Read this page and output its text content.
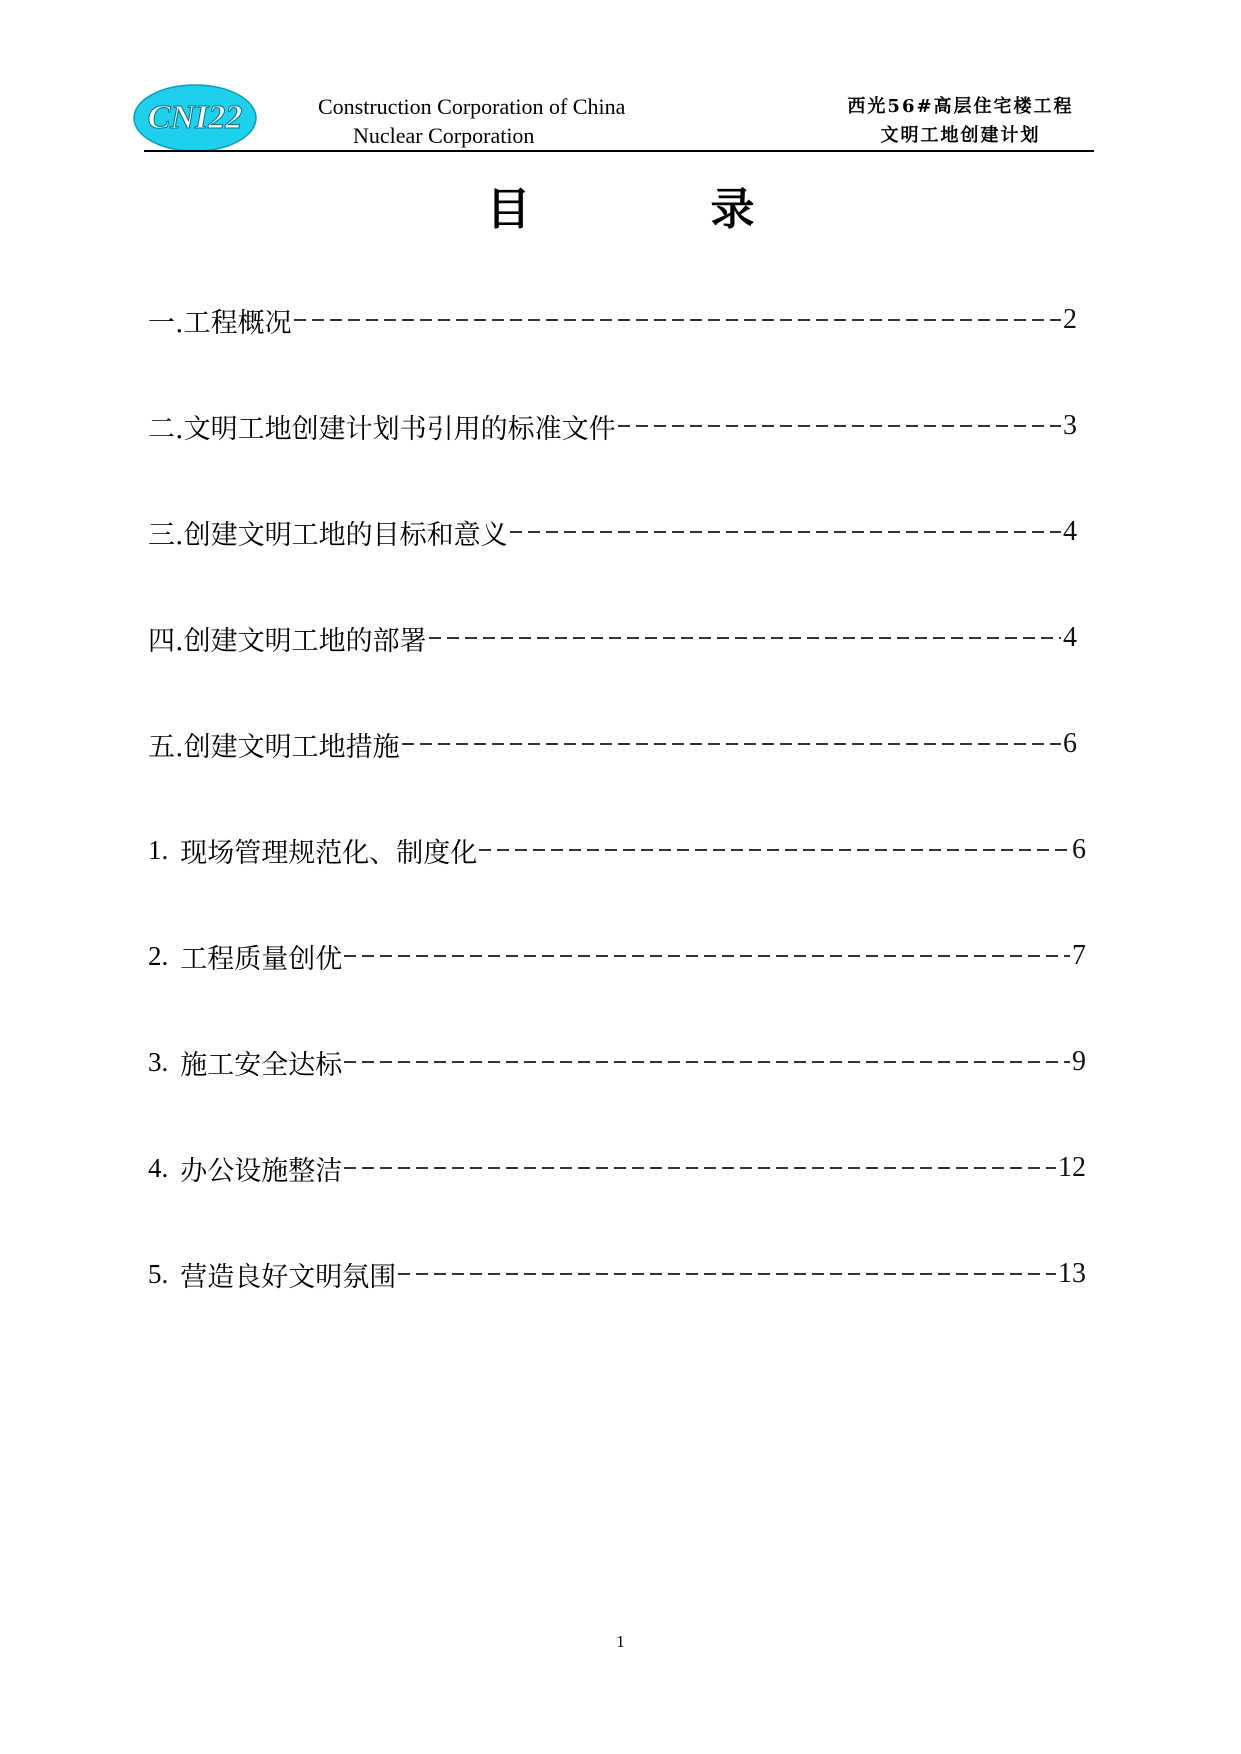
CNI22	Construction Corporation of China
Nuclear Corporation
西光56#高层住宅楼工程
文明工地创建计划
目	录
一. 工程概况	2
二. 文明工地创建计划书引用的标准文件	3
三. 创建文明工地的目标和意义	4
四. 创建文明工地的部署	4
五. 创建文明工地措施	6
1. 现场管理规范化、制度化	6
2. 工程质量创优	7
3. 施工安全达标	9
4. 办公设施整洁	12
5. 营造良好文明氛围	13
1
